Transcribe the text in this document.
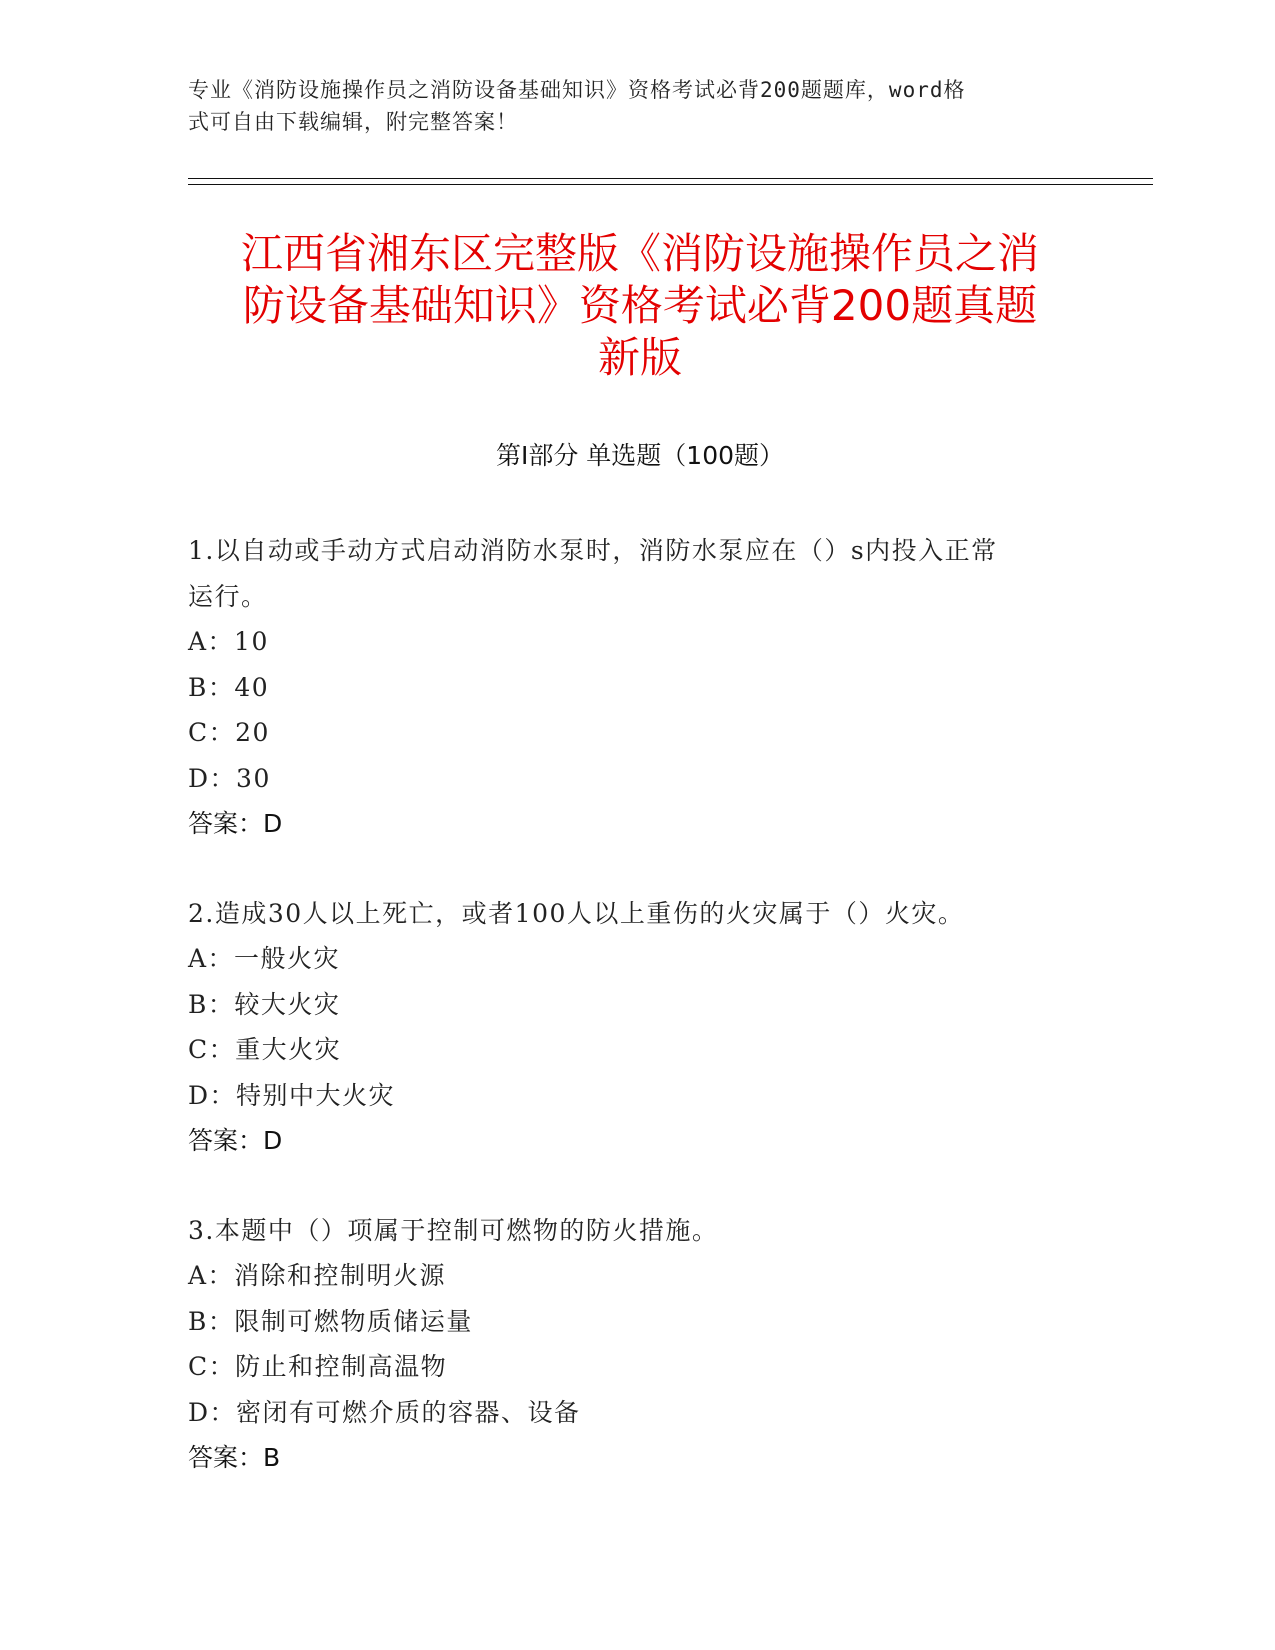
专业《消防设施操作员之消防设备基础知识》资格考试必背200题题库，word格
式可自由下载编辑，附完整答案！
江西省湘东区完整版《消防设施操作员之消
防设备基础知识》资格考试必背200题真题
新版
第Ⅰ部分 单选题（100题）
1.以自动或手动方式启动消防水泵时，消防水泵应在（）s内投入正常
运行。
A：10
B：40
C：20
D：30
答案：D
2.造成30人以上死亡，或者100人以上重伤的火灾属于（）火灾。
A：一般火灾
B：较大火灾
C：重大火灾
D：特别中大火灾
答案：D
3.本题中（）项属于控制可燃物的防火措施。
A：消除和控制明火源
B：限制可燃物质储运量
C：防止和控制高温物
D：密闭有可燃介质的容器、设备
答案：B
